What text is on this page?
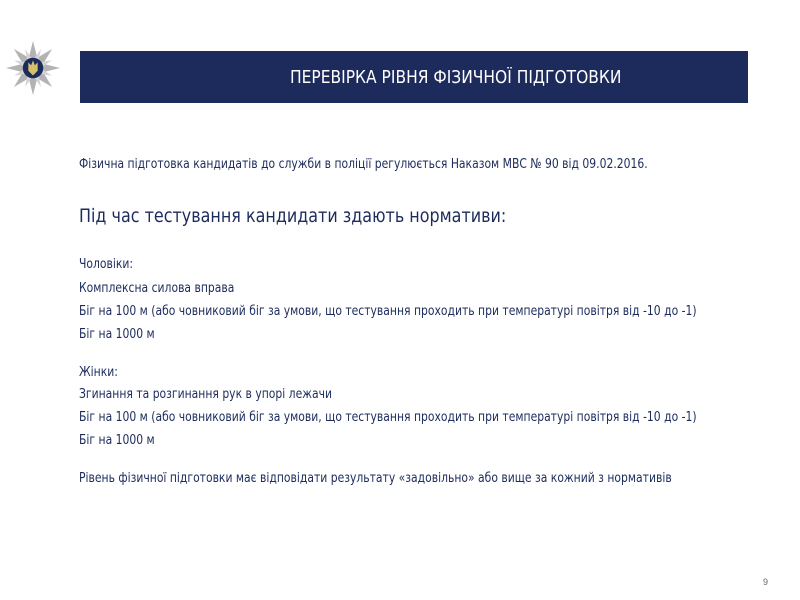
ПЕРЕВІРКА РІВНЯ ФІЗИЧНОЇ ПІДГОТОВКИ
Фізична підготовка кандидатів до служби в поліції регулюється Наказом МВС № 90 від 09.02.2016.
Під час тестування кандидати здають нормативи:
Чоловіки:
Комплексна силова вправа
Біг на 100 м (або човниковий біг за умови, що тестування проходить при температурі повітря від -10 до -1)
Біг на 1000 м
Жінки:
Згинання та розгинання рук в упорі лежачи
Біг на 100 м (або човниковий біг за умови, що тестування проходить при температурі повітря від -10 до -1)
Біг на 1000 м
Рівень фізичної підготовки має відповідати результату «задовільно» або вище за кожний з нормативів
9
